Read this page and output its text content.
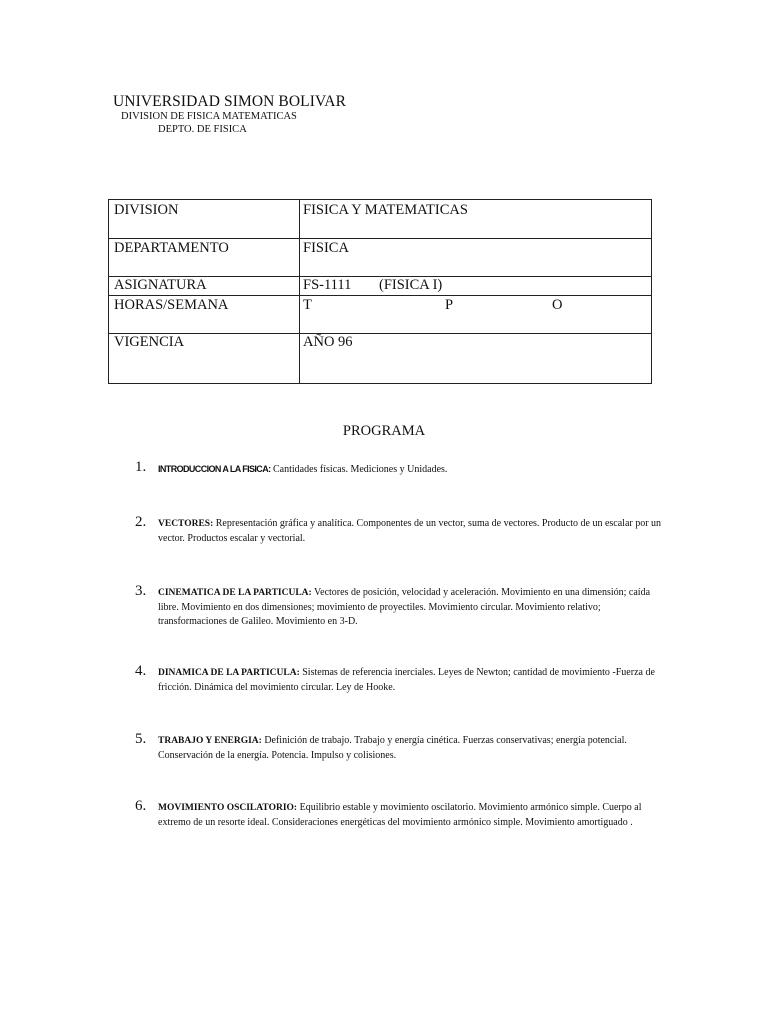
UNIVERSIDAD SIMON BOLIVAR
DIVISION DE FISICA MATEMATICAS
DEPTO. DE FISICA
DIVISION	FISICA Y MATEMATICAS
DEPARTAMENTO	FISICA
ASIGNATURA	FS-1111 (FISICA I)
HORAS/SEMANA	T	P	O
VIGENCIA	AÑO 96
PROGRAMA
1. INTRODUCCION A LA FISICA: Cantidades físicas. Mediciones y Unidades.
2. VECTORES: Representación gráfica y analítica. Componentes de un vector, suma de vectores. Producto de un escalar por un vector. Productos escalar y vectorial.
3. CINEMATICA DE LA PARTICULA: Vectores de posición, velocidad y aceleración. Movimiento en una dimensión; caída libre. Movimiento en dos dimensiones; movimiento de proyectiles. Movimiento circular. Movimiento relativo; transformaciones de Galileo. Movimiento en 3-D.
4. DINAMICA DE LA PARTICULA: Sistemas de referencia inerciales. Leyes de Newton; cantidad de movimiento -Fuerza de fricción. Dinámica del movimiento circular. Ley de Hooke.
5. TRABAJO Y ENERGIA: Definición de trabajo. Trabajo y energía cinética. Fuerzas conservativas; energía potencial. Conservación de la energía. Potencia. Impulso y colisiones.
6. MOVIMIENTO OSCILATORIO: Equilibrio estable y movimiento oscilatorio. Movimiento armónico simple. Cuerpo al extremo de un resorte ideal. Consideraciones energéticas del movimiento armónico simple. Movimiento amortiguado .
